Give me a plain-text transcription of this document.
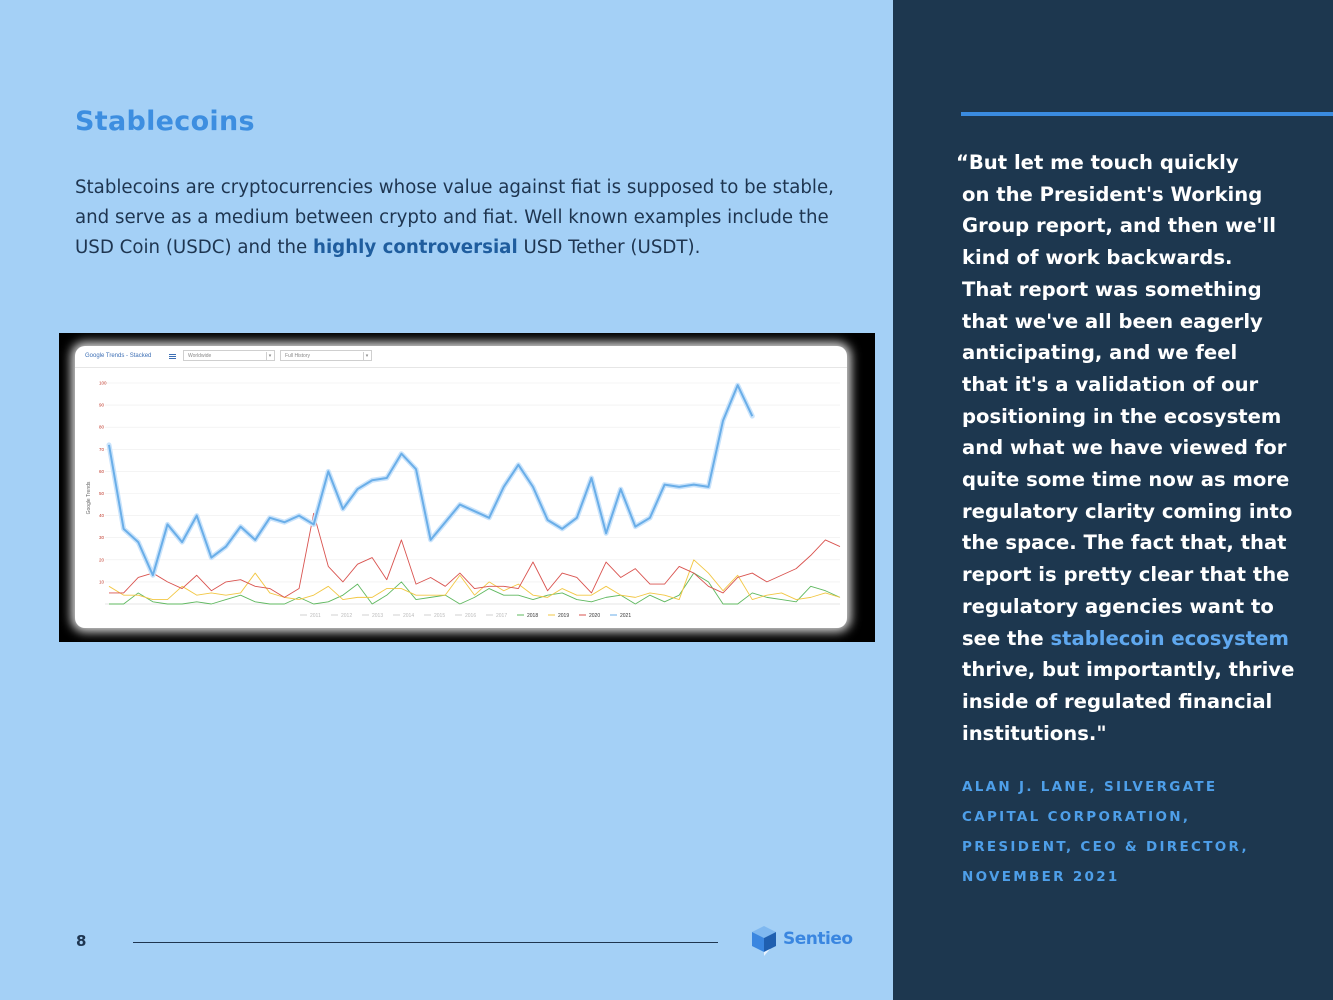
Stablecoins

Stablecoins are cryptocurrencies whose value against fiat is supposed to be stable, and serve as a medium between crypto and fiat. Well known examples include the USD Coin (USDC) and the highly controversial USD Tether (USDT).

Google Trends - Stacked	Worldwide	▾	Full History	▾
100
90
80
70
60
50
40
30
20
10
Google Trends
2011	2012	2013	2014	2015	2016	2017	2018	2019	2020	2021
8	Sentieo
“But let me touch quickly
on the President's Working
Group report, and then we'll
kind of work backwards.
That report was something
that we've all been eagerly
anticipating, and we feel
that it's a validation of our
positioning in the ecosystem
and what we have viewed for
quite some time now as more
regulatory clarity coming into
the space. The fact that, that
report is pretty clear that the
regulatory agencies want to
see the stablecoin ecosystem
thrive, but importantly, thrive
inside of regulated financial
institutions."
ALAN J. LANE, SILVERGATE
CAPITAL CORPORATION,
PRESIDENT, CEO & DIRECTOR,
NOVEMBER 2021
